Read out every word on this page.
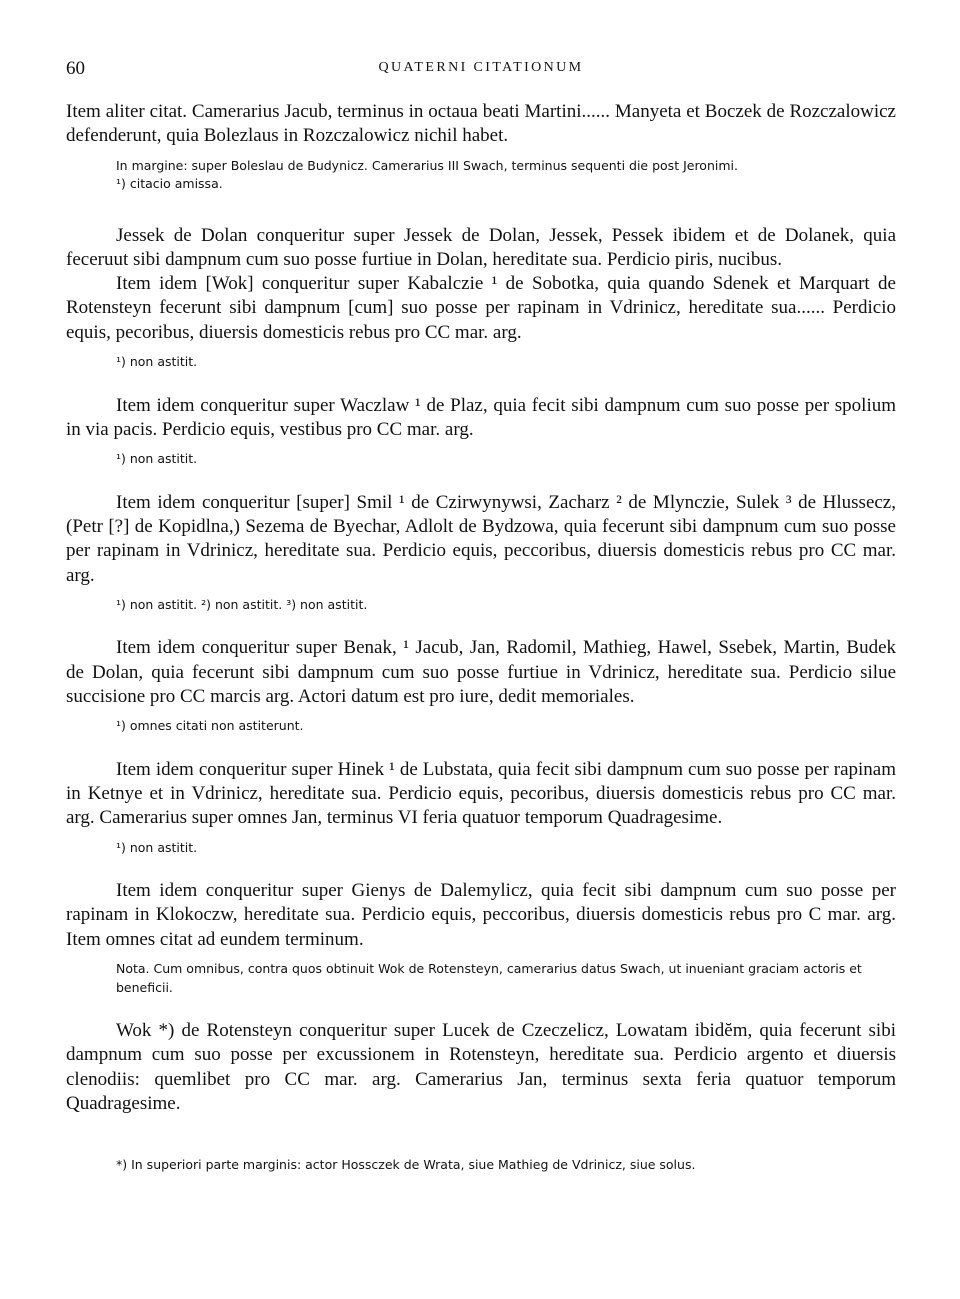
60	QUATERNI CITATIONUM

Item aliter citat. Camerarius Jacub, terminus in octaua beati Martini...... Manyeta et Boczek de Rozczalowicz defenderunt, quia Bolezlaus in Rozczalowicz nichil habet.

In margine: super Boleslau de Budynicz. Camerarius III Swach, terminus sequenti die post Jeronimi.

¹) citacio amissa.

Jessek de Dolan conqueritur super Jessek de Dolan, Jessek, Pessek ibidem et de Dolanek, quia feceruut sibi dampnum cum suo posse furtiue in Dolan, hereditate sua. Perdicio piris, nucibus.

Item idem [Wok] conqueritur super Kabalczie ¹ de Sobotka, quia quando Sdenek et Marquart de Rotensteyn fecerunt sibi dampnum [cum] suo posse per rapinam in Vdrinicz, hereditate sua...... Perdicio equis, pecoribus, diuersis domesticis rebus pro CC mar. arg.

¹) non astitit.

Item idem conqueritur super Waczlaw ¹ de Plaz, quia fecit sibi dampnum cum suo posse per spolium in via pacis. Perdicio equis, vestibus pro CC mar. arg.

¹) non astitit.

Item idem conqueritur [super] Smil ¹ de Czirwynywsi, Zacharz ² de Mlynczie, Sulek ³ de Hlussecz, (Petr [?] de Kopidlna,) Sezema de Byechar, Adlolt de Bydzowa, quia fecerunt sibi dampnum cum suo posse per rapinam in Vdrinicz, hereditate sua. Perdicio equis, peccoribus, diuersis domesticis rebus pro CC mar. arg.

¹) non astitit. ²) non astitit. ³) non astitit.

Item idem conqueritur super Benak, ¹ Jacub, Jan, Radomil, Mathieg, Hawel, Ssebek, Martin, Budek de Dolan, quia fecerunt sibi dampnum cum suo posse furtiue in Vdrinicz, hereditate sua. Perdicio silue succisione pro CC marcis arg. Actori datum est pro iure, dedit memoriales.

¹) omnes citati non astiterunt.

Item idem conqueritur super Hinek ¹ de Lubstata, quia fecit sibi dampnum cum suo posse per rapinam in Ketnye et in Vdrinicz, hereditate sua. Perdicio equis, pecoribus, diuersis domesticis rebus pro CC mar. arg. Camerarius super omnes Jan, terminus VI feria quatuor temporum Quadragesime.

¹) non astitit.

Item idem conqueritur super Gienys de Dalemylicz, quia fecit sibi dampnum cum suo posse per rapinam in Klokoczw, hereditate sua. Perdicio equis, peccoribus, diuersis domesticis rebus pro C mar. arg. Item omnes citat ad eundem terminum.

Nota. Cum omnibus, contra quos obtinuit Wok de Rotensteyn, camerarius datus Swach, ut inueniant graciam actoris et beneficii.

Wok *) de Rotensteyn conqueritur super Lucek de Czeczelicz, Lowatam ibidĕm, quia fecerunt sibi dampnum cum suo posse per excussionem in Rotensteyn, hereditate sua. Perdicio argento et diuersis clenodiis: quemlibet pro CC mar. arg. Camerarius Jan, terminus sexta feria quatuor temporum Quadragesime.

*) In superiori parte marginis: actor Hossczek de Wrata, siue Mathieg de Vdrinicz, siue solus.
